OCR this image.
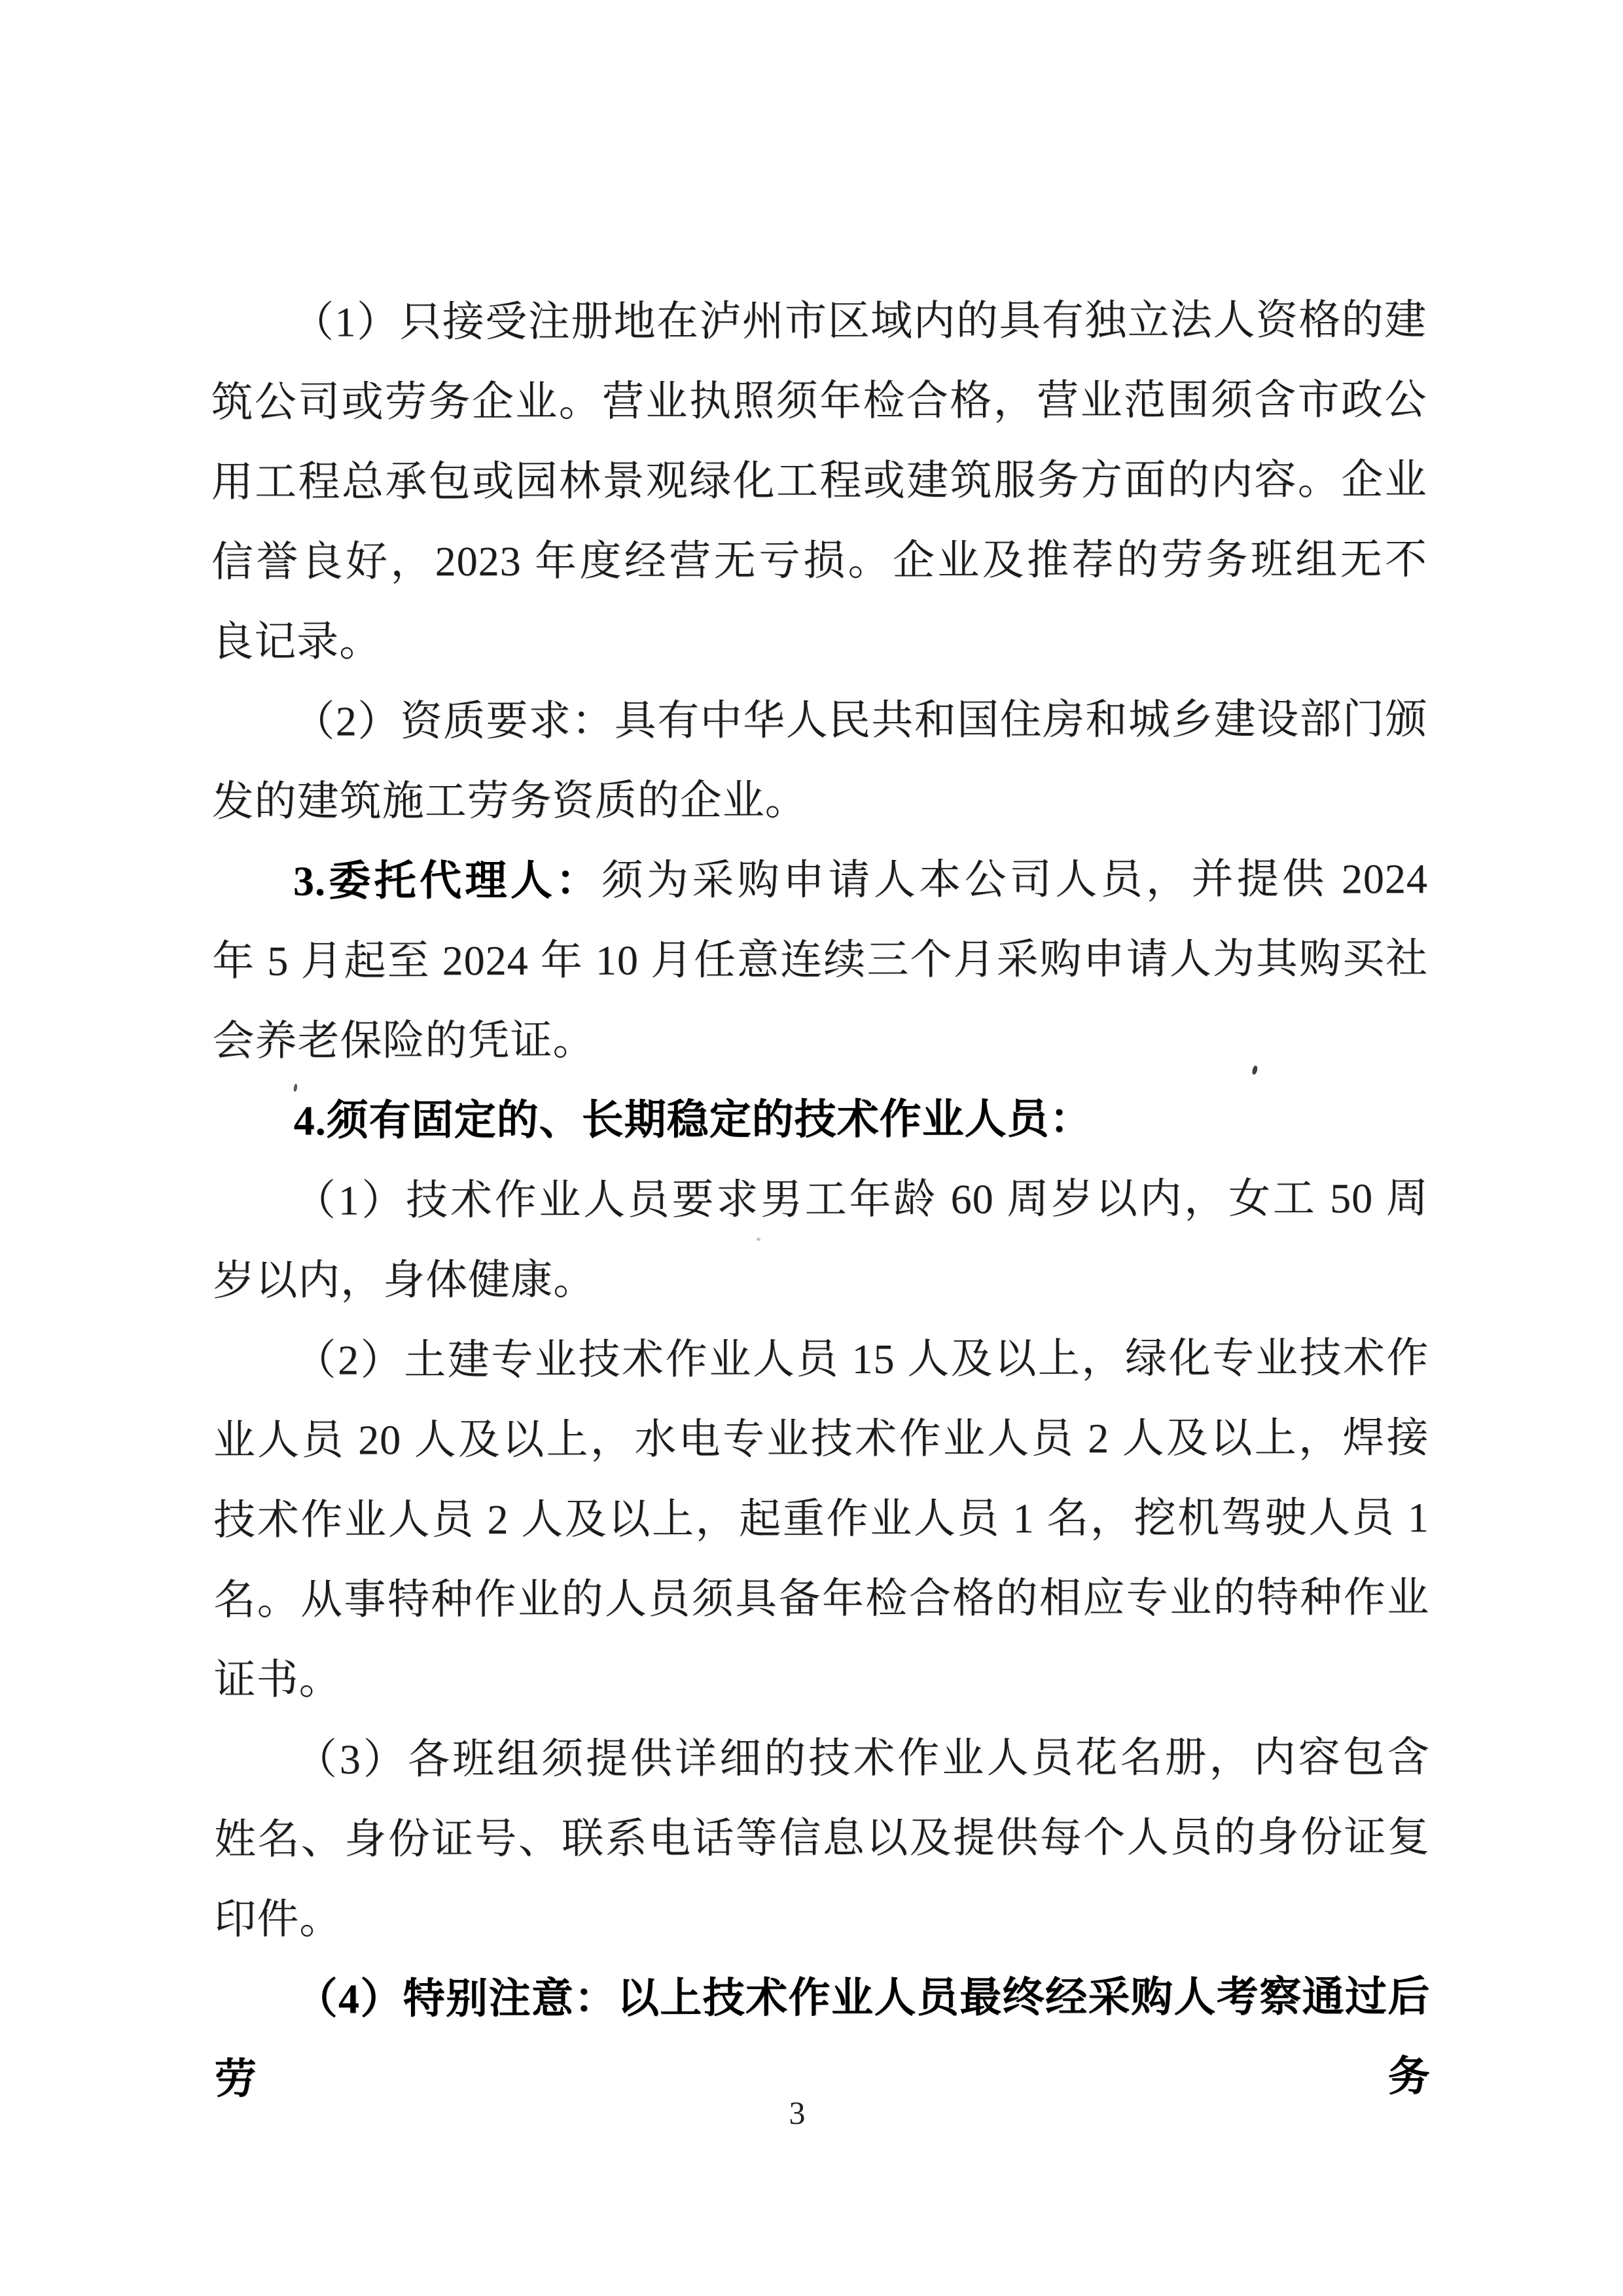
（1）只接受注册地在泸州市区域内的具有独立法人资格的建
筑公司或劳务企业。营业执照须年检合格，营业范围须含市政公
用工程总承包或园林景观绿化工程或建筑服务方面的内容。企业
信誉良好，2023 年度经营无亏损。企业及推荐的劳务班组无不
良记录。
（2）资质要求：具有中华人民共和国住房和城乡建设部门颁
发的建筑施工劳务资质的企业。
3.委托代理人：须为采购申请人本公司人员，并提供 2024
年 5 月起至 2024 年 10 月任意连续三个月采购申请人为其购买社
会养老保险的凭证。
4.须有固定的、长期稳定的技术作业人员：
（1）技术作业人员要求男工年龄 60 周岁以内，女工 50 周
岁以内，身体健康。
（2）土建专业技术作业人员 15 人及以上，绿化专业技术作
业人员 20 人及以上，水电专业技术作业人员 2 人及以上，焊接
技术作业人员 2 人及以上，起重作业人员 1 名，挖机驾驶人员 1
名。从事特种作业的人员须具备年检合格的相应专业的特种作业
证书。
（3）各班组须提供详细的技术作业人员花名册，内容包含
姓名、身份证号、联系电话等信息以及提供每个人员的身份证复
印件。
（4）特别注意：以上技术作业人员最终经采购人考察通过后劳务
3
